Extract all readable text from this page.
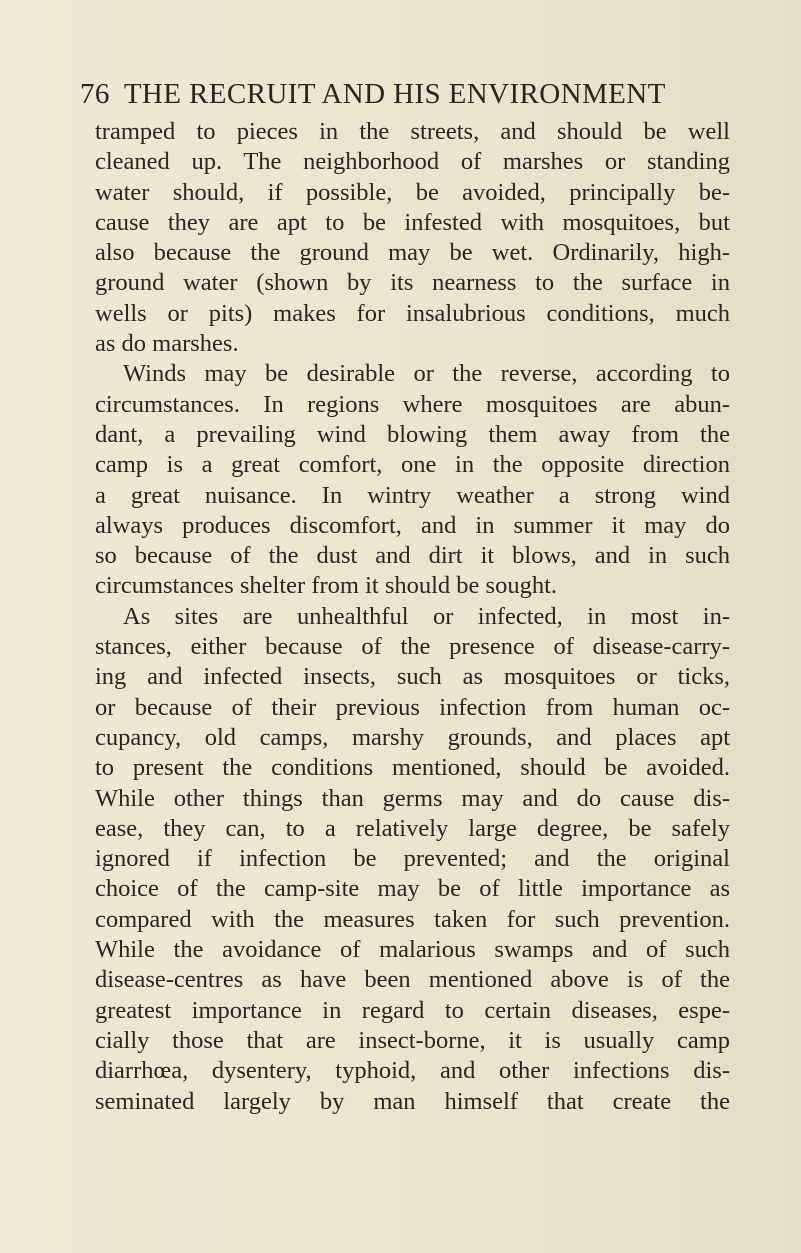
76 THE RECRUIT AND HIS ENVIRONMENT
tramped to pieces in the streets, and should be well
cleaned up. The neighborhood of marshes or standing
water should, if possible, be avoided, principally be-
cause they are apt to be infested with mosquitoes, but
also because the ground may be wet. Ordinarily, high-
ground water (shown by its nearness to the surface in
wells or pits) makes for insalubrious conditions, much
as do marshes.
Winds may be desirable or the reverse, according to
circumstances. In regions where mosquitoes are abun-
dant, a prevailing wind blowing them away from the
camp is a great comfort, one in the opposite direction
a great nuisance. In wintry weather a strong wind
always produces discomfort, and in summer it may do
so because of the dust and dirt it blows, and in such
circumstances shelter from it should be sought.
As sites are unhealthful or infected, in most in-
stances, either because of the presence of disease-carry-
ing and infected insects, such as mosquitoes or ticks,
or because of their previous infection from human oc-
cupancy, old camps, marshy grounds, and places apt
to present the conditions mentioned, should be avoided.
While other things than germs may and do cause dis-
ease, they can, to a relatively large degree, be safely
ignored if infection be prevented; and the original
choice of the camp-site may be of little importance as
compared with the measures taken for such prevention.
While the avoidance of malarious swamps and of such
disease-centres as have been mentioned above is of the
greatest importance in regard to certain diseases, espe-
cially those that are insect-borne, it is usually camp
diarrhœa, dysentery, typhoid, and other infections dis-
seminated largely by man himself that create the
